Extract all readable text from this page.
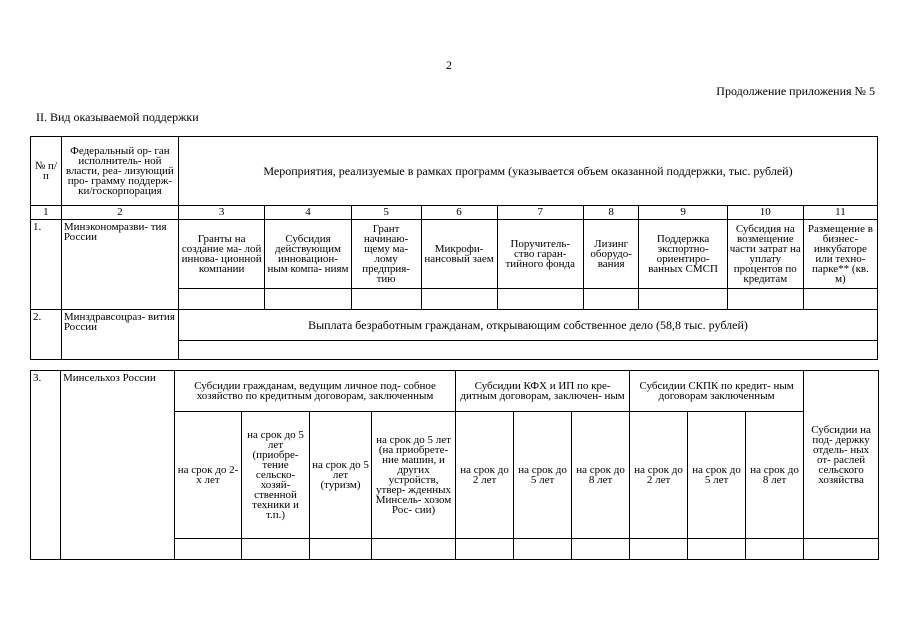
2
Продолжение приложения № 5
II. Вид оказываемой поддержки
№ п/п	Федеральный ор- ган исполнитель- ной власти, реа- лизующий про- грамму поддерж- ки/госкорпорация	Мероприятия, реализуемые в рамках программ (указывается объем оказанной поддержки, тыс. рублей)								
1	2	3	4	5	6	7	8	9	10	11
1.	Минэкономразви- тия России	Гранты на создание ма- лой иннова- ционной компании	Субсидия действующим инновацион- ным компа- ниям	Грант начинаю- щему ма- лому предприя- тию	Микрофи- нансовый заем	Поручитель- ство гаран- тийного фонда	Лизинг оборудо- вания	Поддержка экспортно- ориентиро- ванных СМСП	Субсидия на возмещение части затрат на уплату процентов по кредитам	Размещение в бизнес- инкубаторе или техно- парке** (кв. м)

2.	Минздравсоцраз- вития России	Выплата безработным гражданам, открывающим собственное дело (58,8 тыс. рублей)								

3.	Минсельхоз России	Субсидии гражданам, ведущим личное под- собное хозяйство по кредитным договорам, заключенным				Субсидии КФХ и ИП по кре- дитным договорам, заключен- ным			Субсидии СКПК по кредит- ным договорам заключенным			Субсидии на под- держку отдель- ных от- раслей сельского хозяйства
		на срок до 2-х лет	на срок до 5 лет (приобре- тение сельско- хозяй- ственной техники и т.п.)	на срок до 5 лет (туризм)	на срок до 5 лет (на приобрете- ние машин, и других устройств, утвер- жденных Минсель- хозом Рос- сии)	на срок до 2 лет	на срок до 5 лет	на срок до 8 лет	на срок до 2 лет	на срок до 5 лет	на срок до 8 лет	
